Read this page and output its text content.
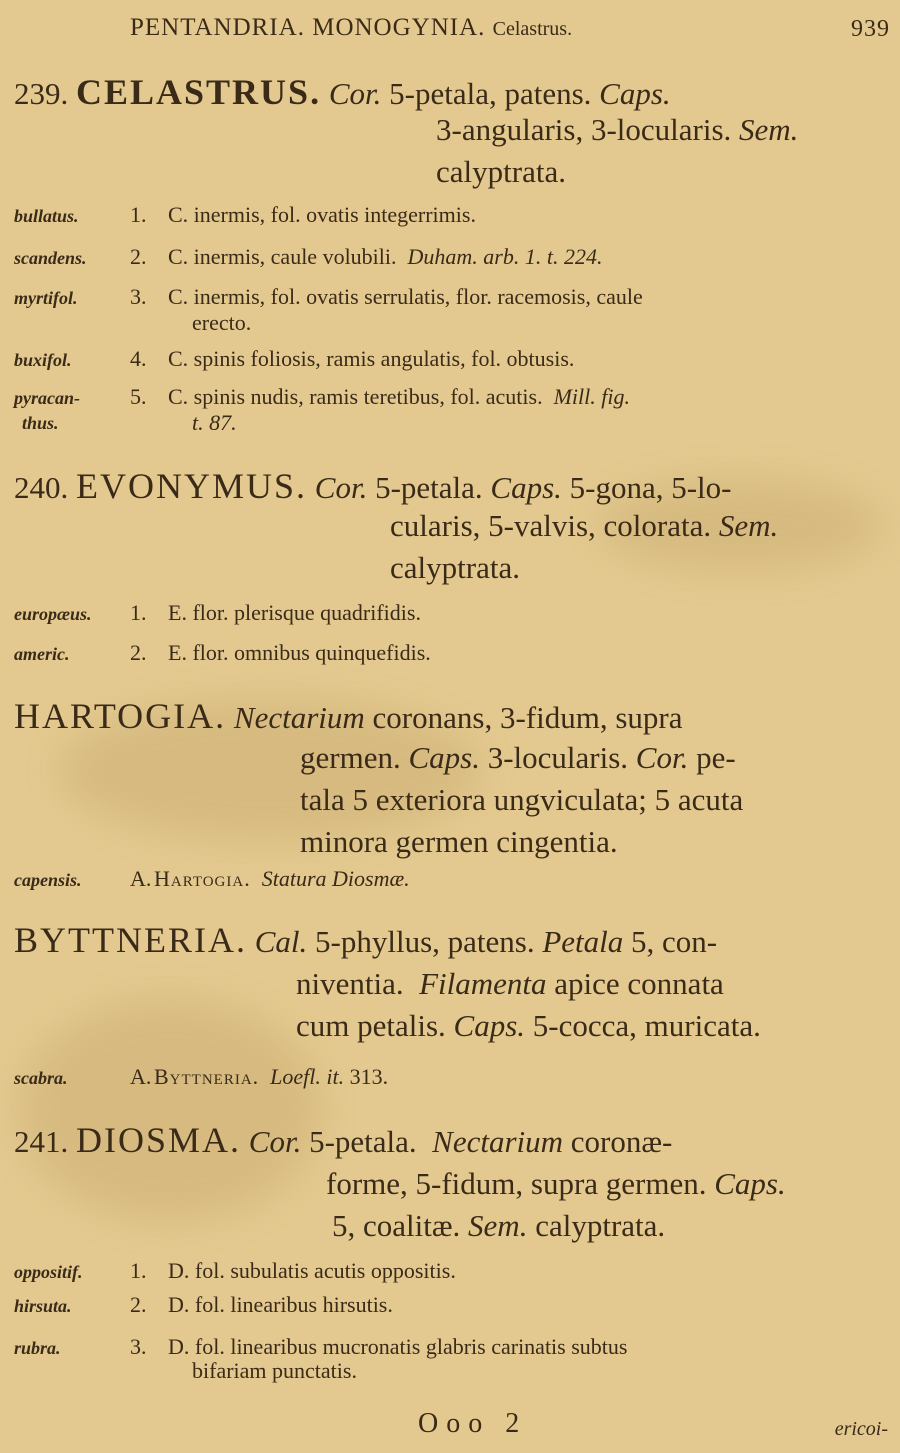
PENTANDRIA. MONOGYNIA. Celastrus.	939
239. CELASTRUS. Cor. 5-petala, patens. Caps.
3-angularis, 3-locularis. Sem.
calyptrata.
bullatus. 1. C. inermis, fol. ovatis integerrimis.
scandens. 2. C. inermis, caule volubili. Duham. arb. 1. t. 224.
myrtifol. 3. C. inermis, fol. ovatis serrulatis, flor. racemosis, caule
erecto.
buxifol.	4. C. spinis foliosis, ramis angulatis, fol. obtusis.
pyracan- 5. C. spinis nudis, ramis teretibus, fol. acutis. Mill. fig.
thus.	t. 87.
240. EVONYMUS. Cor. 5-petala. Caps. 5-gona, 5-lo-
cularis, 5-valvis, colorata. Sem.
calyptrata.
europæus. 1. E. flor. plerisque quadrifidis.
americ.	2. E. flor. omnibus quinquefidis.
HARTOGIA. Nectarium coronans, 3-fidum, supra
germen. Caps. 3-locularis. Cor. pe-
tala 5 exteriora ungviculata; 5 acuta
minora germen cingentia.
capensis. A. Hartogia. Statura Diosmæ.
BYTTNERIA. Cal. 5-phyllus, patens. Petala 5, con-
niventia. Filamenta apice connata
cum petalis. Caps. 5-cocca, muricata.
scabra.	A. Byttneria. Loefl. it. 313.
241. DIOSMA. Cor. 5-petala. Nectarium coronæ-
forme, 5-fidum, supra germen. Caps.
5, coalitæ. Sem. calyptrata.
oppositif. 1. D. fol. subulatis acutis oppositis.
hirsuta.	2. D. fol. linearibus hirsutis.
rubra.	3. D. fol. linearibus mucronatis glabris carinatis subtus
bifariam punctatis.
Ooo 2	ericoi-
